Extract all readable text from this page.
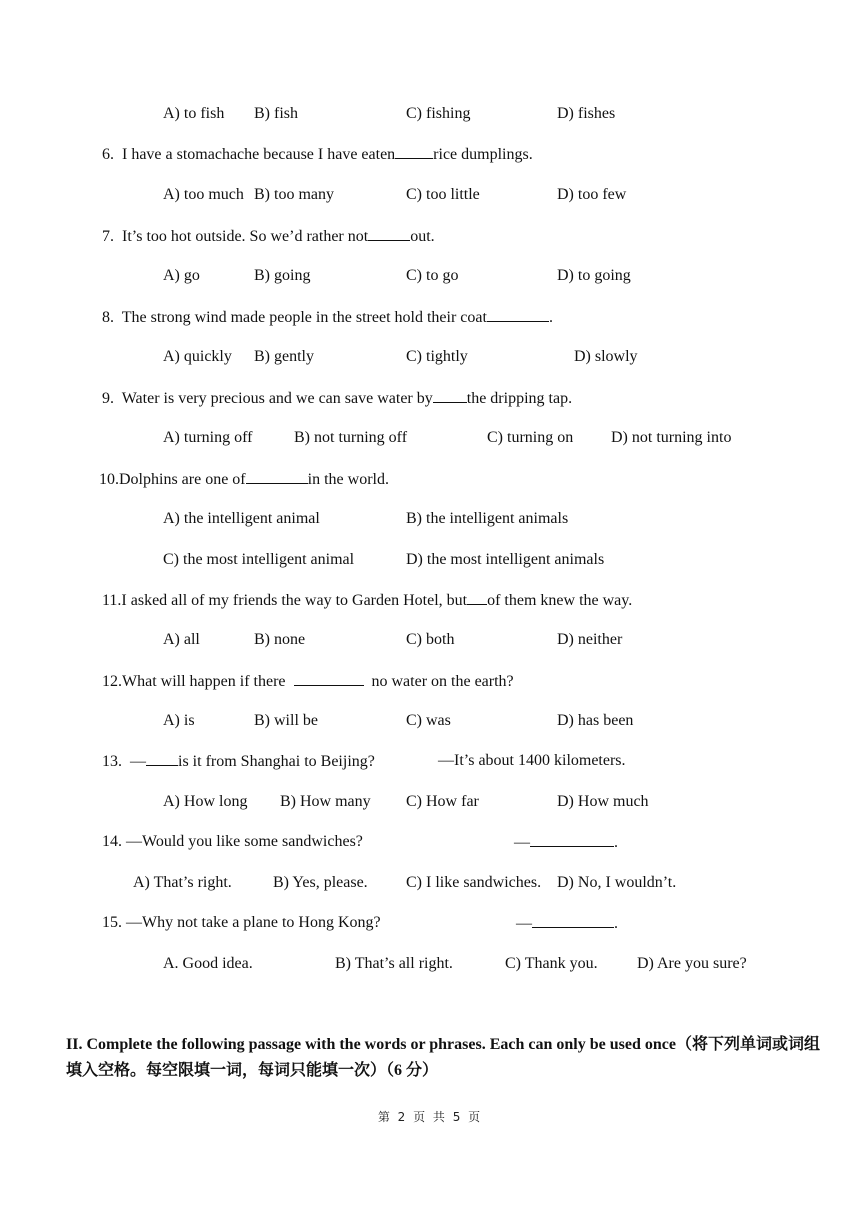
A) to fish B) fish	C) fishing	D) fishes
6. I have a stomachache because I have eaten rice dumplings.
A) too much B) too many	C) too little	D) too few
7. It’s too hot outside. So we’d rather not	out.
A) go	B) going	C) to go	D) to going
8. The strong wind made people in the street hold their coat	.
A) quickly B) gently	C) tightly	D) slowly
9. Water is very precious and we can save water by the dripping tap.
A) turning off	B) not turning off	C) turning on D) not turning into
10.Dolphins are one of	in the world.
A) the intelligent animal	B) the intelligent animals
C) the most intelligent animal	D) the most intelligent animals
11.I asked all of my friends the way to Garden Hotel, but of them knew the way.
A) all	B) none	C) both	D) neither
12.What will happen if there	no water on the earth?
A) is	B) will be	C) was	D) has been
13. — is it from Shanghai to Beijing?	—It’s about 1400 kilometers.
A) How long B) How many C) How far	D) How much
14. —Would you like some sandwiches?	—	.
A) That’s right.	B) Yes, please. C) I like sandwiches. D) No, I wouldn’t.
15. —Why not take a plane to Hong Kong?	—	.
A. Good idea.	B) That’s all right.	C) Thank you. D) Are you sure?
II. Complete the following passage with the words or phrases. Each can only be used once（将下列单词或词组填入空格。每空限填一词，每词只能填一次）（6 分）
第 2 页 共 5 页
